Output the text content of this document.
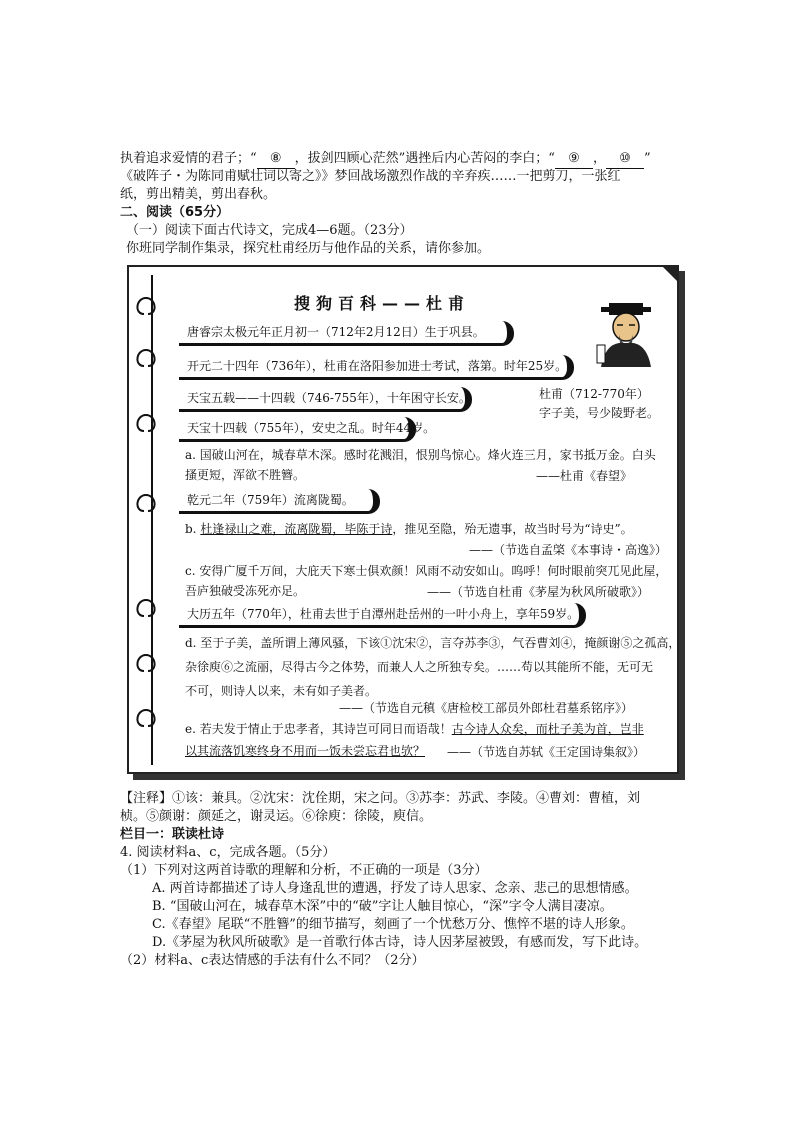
执着追求爱情的君子；“ ⑧ ，拔剑四顾心茫然”遇挫后内心苦闷的李白；“ ⑨ ， ⑩ ”
《破阵子・为陈同甫赋壮词以寄之》》梦回战场激烈作战的辛弃疾……一把剪刀，一张红
纸，剪出精美，剪出春秋。
二、阅读（65分）
（一）阅读下面古代诗文，完成4—6题。（23分）
你班同学制作集录，探究杜甫经历与他作品的关系，请你参加。
搜狗百科——杜甫
杜甫（712-770年）
字子美，号少陵野老。
唐睿宗太极元年正月初一（712年2月12日）生于巩县。
开元二十四年（736年），杜甫在洛阳参加进士考试，落第。时年25岁。
天宝五载——十四载（746-755年），十年困守长安。
天宝十四载（755年），安史之乱。时年44岁。
a. 国破山河在，城春草木深。感时花溅泪，恨别鸟惊心。烽火连三月，家书抵万金。白头
搔更短，浑欲不胜簪。	——杜甫《春望》
乾元二年（759年）流离陇蜀。
b. 杜逢禄山之难，流离陇蜀，毕陈于诗，推见至隐，殆无遗事，故当时号为“诗史”。
——（节选自孟棨《本事诗・高逸》）
c. 安得广厦千万间，大庇天下寒士俱欢颜！风雨不动安如山。呜呼！何时眼前突兀见此屋，
吾庐独破受冻死亦足。	——（节选自杜甫《茅屋为秋风所破歌》）
大历五年（770年），杜甫去世于自潭州赴岳州的一叶小舟上，享年59岁。
d. 至于子美，盖所谓上薄风骚，下该①沈宋②，言夺苏李③，气吞曹刘④，掩颜谢⑤之孤高，
杂徐庾⑥之流丽，尽得古今之体势，而兼人人之所独专矣。……苟以其能所不能，无可无
不可，则诗人以来，未有如子美者。
——（节选自元稹《唐检校工部员外郎杜君墓系铭序》）
e. 若夫发于情止于忠孝者，其诗岂可同日而语哉！古今诗人众矣，而杜子美为首，岂非
以其流落饥寒终身不用而一饭未尝忘君也欤？ ——（节选自苏轼《王定国诗集叙》）
【注释】①该：兼具。②沈宋：沈佺期，宋之问。③苏李：苏武、李陵。④曹刘：曹植，刘
桢。⑤颜谢：颜延之，谢灵运。⑥徐庾：徐陵，庾信。
栏目一：联读杜诗
4. 阅读材料a、c，完成各题。（5分）
（1）下列对这两首诗歌的理解和分析，不正确的一项是（3分）
A. 两首诗都描述了诗人身逢乱世的遭遇，抒发了诗人思家、念亲、悲己的思想情感。
B. “国破山河在，城春草木深”中的“破”字让人触目惊心，“深”字令人满目凄凉。
C.《春望》尾联“不胜簪”的细节描写，刻画了一个忧愁万分、憔悴不堪的诗人形象。
D.《茅屋为秋风所破歌》是一首歌行体古诗，诗人因茅屋被毁，有感而发，写下此诗。
（2）材料a、c表达情感的手法有什么不同？（2分）
